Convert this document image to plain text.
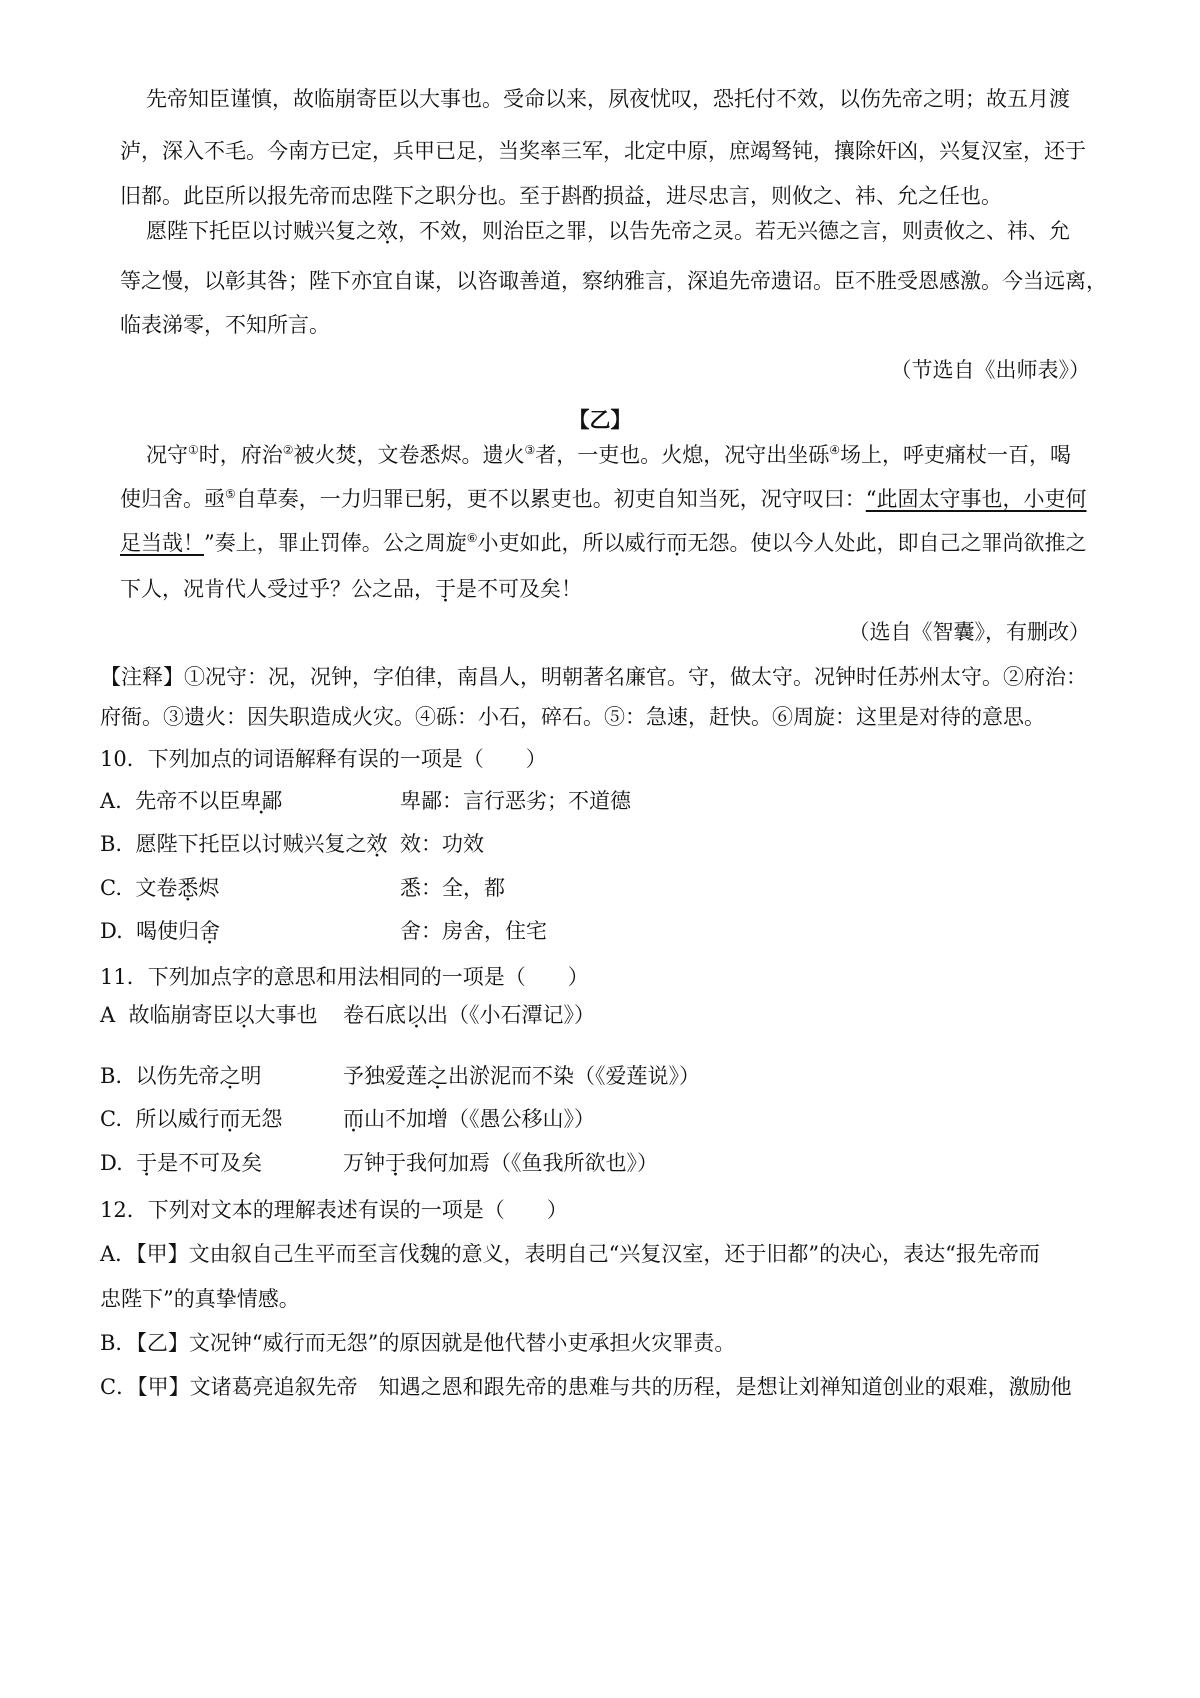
先帝知臣谨慎，故临崩寄臣以大事也。受命以来，夙夜忧叹，恐托付不效，以伤先帝之明；故五月渡
泸，深入不毛。今南方已定，兵甲已足，当奖率三军，北定中原，庶竭驽钝，攘除奸凶，兴复汉室，还于
旧都。此臣所以报先帝而忠陛下之职分也。至于斟酌损益，进尽忠言，则攸之、祎、允之任也。
愿陛下托臣以讨贼兴复之效，不效，则治臣之罪，以告先帝之灵。若无兴德之言，则责攸之、祎、允
等之慢，以彰其咎；陛下亦宜自谋，以咨诹善道，察纳雅言，深追先帝遗诏。臣不胜受恩感激。今当远离，
临表涕零，不知所言。
（节选自《出师表》）
【乙】
况守①时，府治②被火焚，文卷悉烬。遗火③者，一吏也。火熄，况守出坐砾④场上，呼吏痛杖一百，喝
使归舍。亟⑤自草奏，一力归罪已躬，更不以累吏也。初吏自知当死，况守叹曰：“此固太守事也，小吏何
足当哉！”奏上，罪止罚俸。公之周旋⑥小吏如此，所以威行而无怨。使以今人处此，即自己之罪尚欲推之
下人，况肯代人受过乎？公之品，于是不可及矣！
（选自《智囊》，有删改）
【注释】①况守：况，况钟，字伯律，南昌人，明朝著名廉官。守，做太守。况钟时任苏州太守。②府治：
府衙。③遗火：因失职造成火灾。④砾：小石，碎石。⑤：急速，赶快。⑥周旋：这里是对待的意思。
10．下列加点的词语解释有误的一项是（　　）
A. 先帝不以臣卑鄙	卑鄙：言行恶劣；不道德
B. 愿陛下托臣以讨贼兴复之效 效：功效
C. 文卷悉烬	悉：全，都
D. 喝使归舍	舍：房舍，住宅
11．下列加点字的意思和用法相同的一项是（　　）
A 故临崩寄臣以大事也 卷石底以出（《小石潭记》）
B. 以伤先帝之明	予独爱莲之出淤泥而不染（《爱莲说》）
C. 所以威行而无怨	而山不加增（《愚公移山》）
D. 于是不可及矣	万钟于我何加焉（《鱼我所欲也》）
12．下列对文本的理解表述有误的一项是（　　）
A．【甲】文由叙自己生平而至言伐魏的意义，表明自己“兴复汉室，还于旧都”的决心，表达“报先帝而
忠陛下”的真挚情感。
B．【乙】文况钟“威行而无怨”的原因就是他代替小吏承担火灾罪责。
C．【甲】文诸葛亮追叙先帝　知遇之恩和跟先帝的患难与共的历程，是想让刘禅知道创业的艰难，激励他
